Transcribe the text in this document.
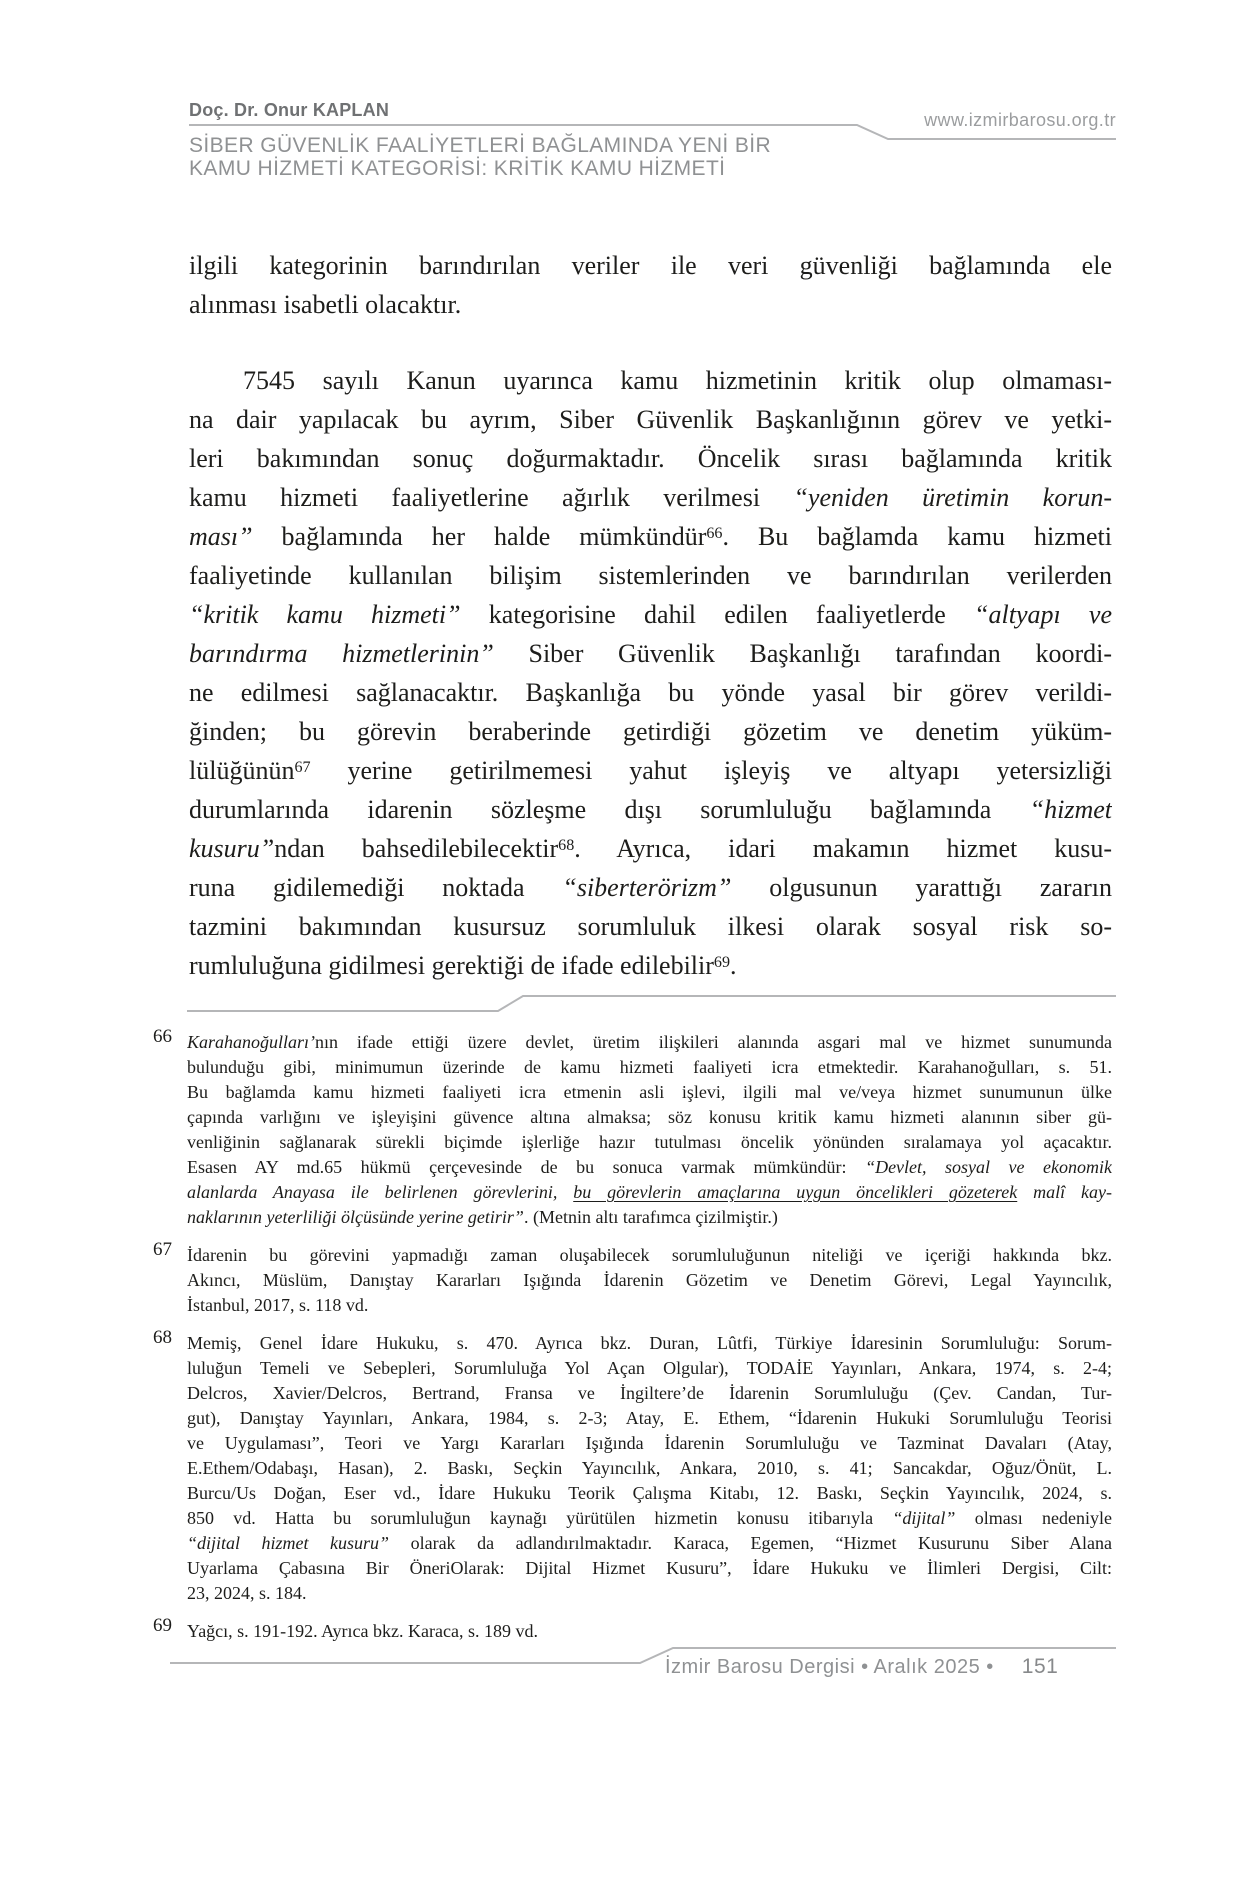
Doç. Dr. Onur KAPLAN	www.izmirbarosu.org.tr
SİBER GÜVENLİK FAALİYETLERİ BAĞLAMINDA YENİ BİR
KAMU HİZMETİ KATEGORİSİ: KRİTİK KAMU HİZMETİ
ilgili kategorinin barındırılan veriler ile veri güvenliği bağlamında ele
alınması isabetli olacaktır.
7545 sayılı Kanun uyarınca kamu hizmetinin kritik olup olmaması-
na dair yapılacak bu ayrım, Siber Güvenlik Başkanlığının görev ve yetki-
leri bakımından sonuç doğurmaktadır. Öncelik sırası bağlamında kritik
kamu hizmeti faaliyetlerine ağırlık verilmesi “yeniden üretimin korun-
ması” bağlamında her halde mümkündür$^{66}$. Bu bağlamda kamu hizmeti
faaliyetinde kullanılan bilişim sistemlerinden ve barındırılan verilerden
“kritik kamu hizmeti” kategorisine dahil edilen faaliyetlerde “altyapı ve
barındırma hizmetlerinin” Siber Güvenlik Başkanlığı tarafından koordi-
ne edilmesi sağlanacaktır. Başkanlığa bu yönde yasal bir görev verildi-
ğinden; bu görevin beraberinde getirdiği gözetim ve denetim yüküm-
lülüğünün$^{67}$ yerine getirilmemesi yahut işleyiş ve altyapı yetersizliği
durumlarında idarenin sözleşme dışı sorumluluğu bağlamında “hizmet
kusuru”ndan bahsedilebilecektir$^{68}$. Ayrıca, idari makamın hizmet kusu-
runa gidilemediği noktada “siberterörizm” olgusunun yarattığı zararın
tazmini bakımından kusursuz sorumluluk ilkesi olarak sosyal risk so-
rumluluğuna gidilmesi gerektiği de ifade edilebilir$^{69}$.
66 Karahanoğulları’nın ifade ettiği üzere devlet, üretim ilişkileri alanında asgari mal ve hizmet sunumunda
bulunduğu gibi, minimumun üzerinde de kamu hizmeti faaliyeti icra etmektedir. Karahanoğulları, s. 51.
Bu bağlamda kamu hizmeti faaliyeti icra etmenin asli işlevi, ilgili mal ve/veya hizmet sunumunun ülke
çapında varlığını ve işleyişini güvence altına almaksa; söz konusu kritik kamu hizmeti alanının siber gü-
venliğinin sağlanarak sürekli biçimde işlerliğe hazır tutulması öncelik yönünden sıralamaya yol açacaktır.
Esasen AY md.65 hükmü çerçevesinde de bu sonuca varmak mümkündür: “Devlet, sosyal ve ekonomik
alanlarda Anayasa ile belirlenen görevlerini, bu görevlerin amaçlarına uygun öncelikleri gözeterek malî kay-
naklarının yeterliliği ölçüsünde yerine getirir”. (Metnin altı tarafımca çizilmiştir.)
67 İdarenin bu görevini yapmadığı zaman oluşabilecek sorumluluğunun niteliği ve içeriği hakkında bkz.
Akıncı, Müslüm, Danıştay Kararları Işığında İdarenin Gözetim ve Denetim Görevi, Legal Yayıncılık,
İstanbul, 2017, s. 118 vd.
68 Memiş, Genel İdare Hukuku, s. 470. Ayrıca bkz. Duran, Lûtfi, Türkiye İdaresinin Sorumluluğu: Sorum-
luluğun Temeli ve Sebepleri, Sorumluluğa Yol Açan Olgular), TODAİE Yayınları, Ankara, 1974, s. 2-4;
Delcros, Xavier/Delcros, Bertrand, Fransa ve İngiltere’de İdarenin Sorumluluğu (Çev. Candan, Tur-
gut), Danıştay Yayınları, Ankara, 1984, s. 2-3; Atay, E. Ethem, “İdarenin Hukuki Sorumluluğu Teorisi
ve Uygulaması”, Teori ve Yargı Kararları Işığında İdarenin Sorumluluğu ve Tazminat Davaları (Atay,
E.Ethem/Odabaşı, Hasan), 2. Baskı, Seçkin Yayıncılık, Ankara, 2010, s. 41; Sancakdar, Oğuz/Önüt, L.
Burcu/Us Doğan, Eser vd., İdare Hukuku Teorik Çalışma Kitabı, 12. Baskı, Seçkin Yayıncılık, 2024, s.
850 vd. Hatta bu sorumluluğun kaynağı yürütülen hizmetin konusu itibarıyla “dijital” olması nedeniyle
“dijital hizmet kusuru” olarak da adlandırılmaktadır. Karaca, Egemen, “Hizmet Kusurunu Siber Alana
Uyarlama Çabasına Bir ÖneriOlarak: Dijital Hizmet Kusuru”, İdare Hukuku ve İlimleri Dergisi, Cilt:
23, 2024, s. 184.
69 Yağcı, s. 191-192. Ayrıca bkz. Karaca, s. 189 vd.
İzmir Barosu Dergisi • Aralık 2025 • 151
